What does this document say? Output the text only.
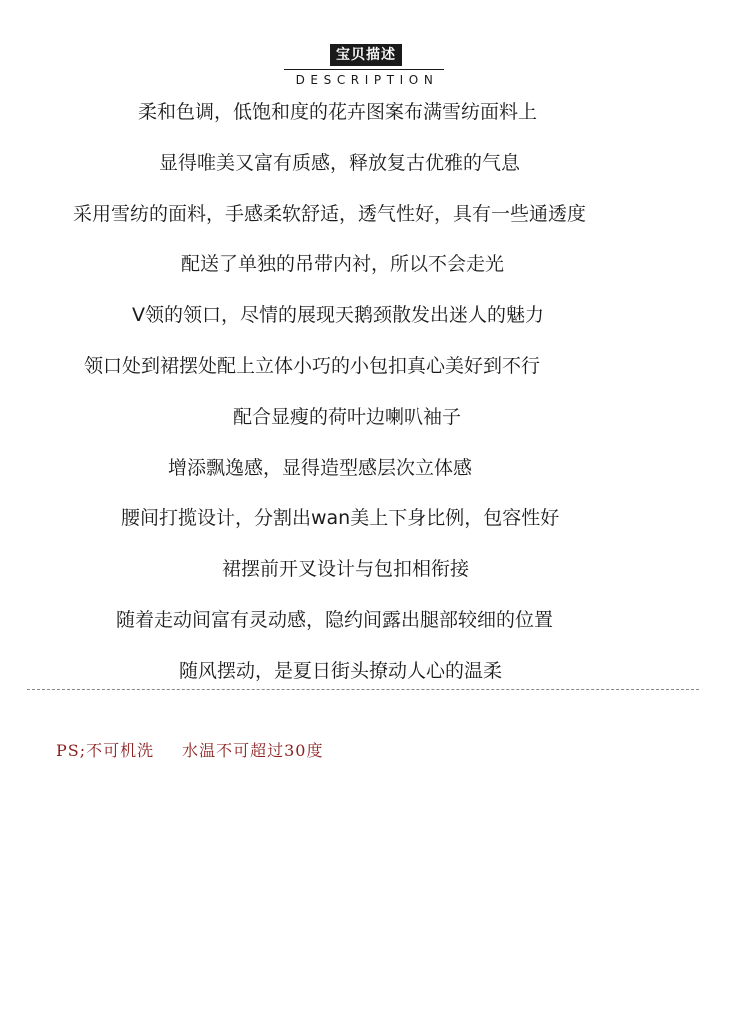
宝贝描述
DESCRIPTION
柔和色调，低饱和度的花卉图案布满雪纺面料上
显得唯美又富有质感，释放复古优雅的气息
采用雪纺的面料，手感柔软舒适，透气性好，具有一些通透度
配送了单独的吊带内衬，所以不会走光
V领的领口，尽情的展现天鹅颈散发出迷人的魅力
领口处到裙摆处配上立体小巧的小包扣真心美好到不行
配合显瘦的荷叶边喇叭袖子
增添飘逸感，显得造型感层次立体感
腰间打揽设计，分割出wan美上下身比例，包容性好
裙摆前开叉设计与包扣相衔接
随着走动间富有灵动感，隐约间露出腿部较细的位置
随风摆动，是夏日街头撩动人心的温柔
PS;不可机洗 水温不可超过30度
